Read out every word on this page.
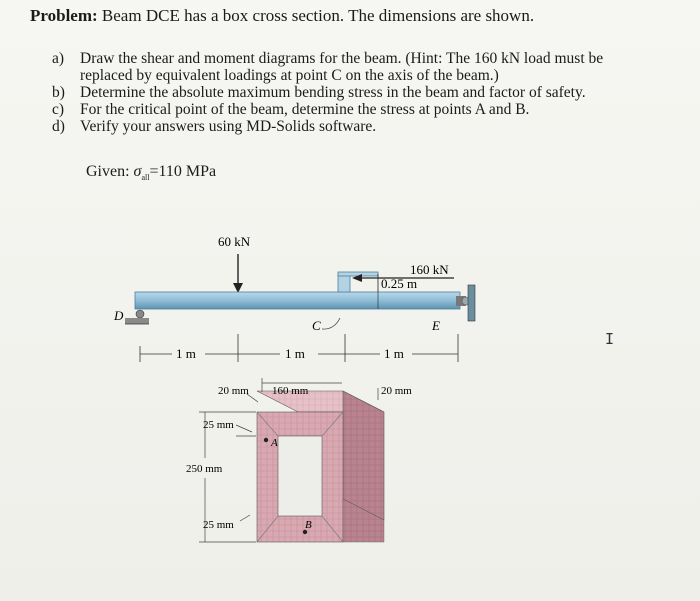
Problem: Beam DCE has a box cross section. The dimensions are shown.
a)	Draw the shear and moment diagrams for the beam. (Hint: The 160 kN load must be replaced by equivalent loadings at point C on the axis of the beam.)
b) Determine the absolute maximum bending stress in the beam and factor of safety.
c)	For the critical point of the beam, determine the stress at points A and B.
d) Verify your answers using MD-Solids software.
Given: $\sigma_{all}=110$ MPa
60 kN
160 kN
0.25 m
D
E
C
1 m	1 m	1 m
A
B
20 mm 160 mm	20 mm
25 mm
250 mm
25 mm
I
